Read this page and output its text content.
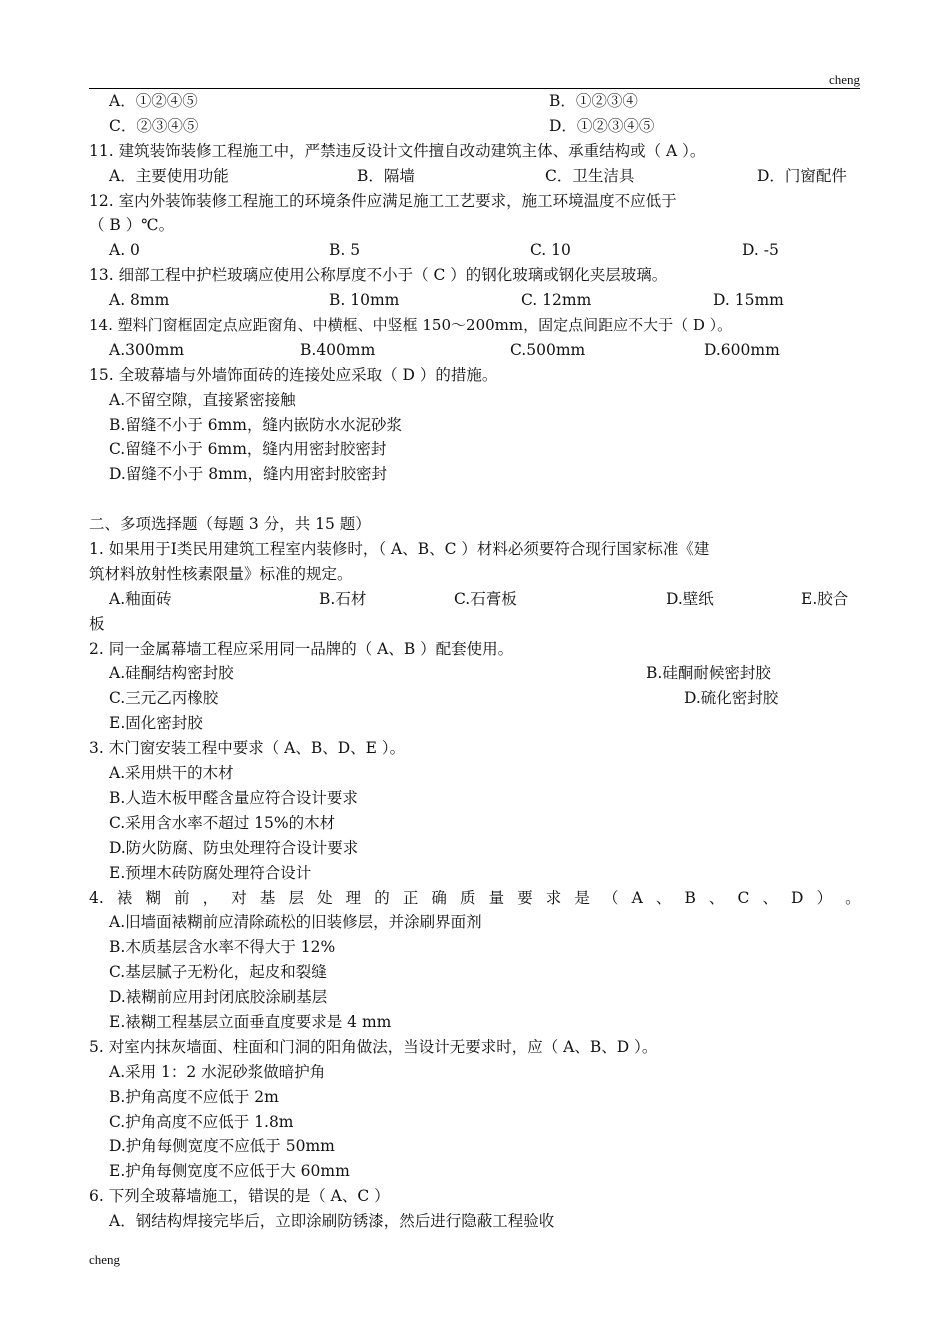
cheng
A．①②④⑤	B．①②③④
C．②③④⑤	D．①②③④⑤
11. 建筑装饰装修工程施工中，严禁违反设计文件擅自改动建筑主体、承重结构或（ A ）。
A．主要使用功能	B．隔墙	C．卫生洁具	D．门窗配件
12. 室内外装饰装修工程施工的环境条件应满足施工工艺要求，施工环境温度不应低于
（ B ）℃。
A. 0	B. 5	C. 10	D. -5
13. 细部工程中护栏玻璃应使用公称厚度不小于（ C ）的钢化玻璃或钢化夹层玻璃。
A. 8mm	B. 10mm	C. 12mm	D. 15mm
14. 塑料门窗框固定点应距窗角、中横框、中竖框 150～200mm，固定点间距应不大于（ D ）。
A.300mm	B.400mm	C.500mm	D.600mm
15. 全玻幕墙与外墙饰面砖的连接处应采取（ D ）的措施。
A.不留空隙，直接紧密接触
B.留缝不小于 6mm，缝内嵌防水水泥砂浆
C.留缝不小于 6mm，缝内用密封胶密封
D.留缝不小于 8mm，缝内用密封胶密封
二、多项选择题（每题 3 分，共 15 题）
1. 如果用于Ⅰ类民用建筑工程室内装修时，（ A、B、C ）材料必须要符合现行国家标准《建
筑材料放射性核素限量》标准的规定。
A.釉面砖	B.石材	C.石膏板	D.壁纸	E.胶合
板
2. 同一金属幕墙工程应采用同一品牌的（ A、B ）配套使用。
A.硅酮结构密封胶	B.硅酮耐候密封胶
C.三元乙丙橡胶	D.硫化密封胶
E.固化密封胶
3. 木门窗安装工程中要求（ A、B、D、E ）。
A.采用烘干的木材
B.人造木板甲醛含量应符合设计要求
C.采用含水率不超过 15%的木材
D.防火防腐、防虫处理符合设计要求
E.预埋木砖防腐处理符合设计
4. 裱 糊 前 ， 对 基 层 处 理 的 正 确 质 量 要 求 是 （ A 、 B 、 C 、 D ） 。
A.旧墙面裱糊前应清除疏松的旧装修层，并涂刷界面剂
B.木质基层含水率不得大于 12%
C.基层腻子无粉化，起皮和裂缝
D.裱糊前应用封闭底胶涂刷基层
E.裱糊工程基层立面垂直度要求是 4 mm
5. 对室内抹灰墙面、柱面和门洞的阳角做法，当设计无要求时，应（ A、B、D ）。
A.采用 1：2 水泥砂浆做暗护角
B.护角高度不应低于 2m
C.护角高度不应低于 1.8m
D.护角每侧宽度不应低于 50mm
E.护角每侧宽度不应低于大 60mm
6. 下列全玻幕墙施工，错误的是（ A、C ）
A．钢结构焊接完毕后，立即涂刷防锈漆，然后进行隐蔽工程验收
cheng
